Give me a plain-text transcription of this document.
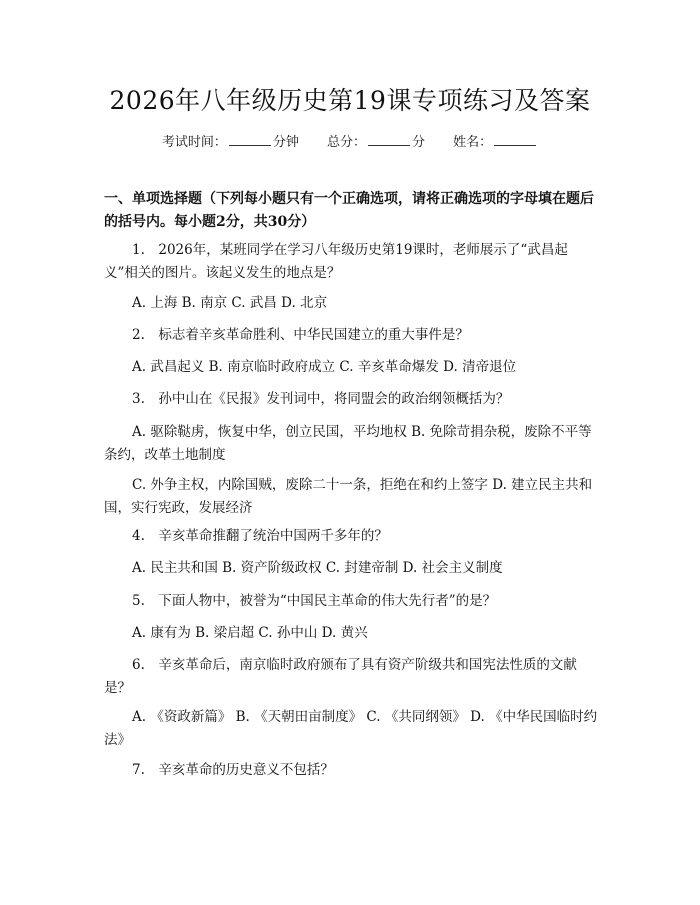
2026年八年级历史第19课专项练习及答案
考试时间：	分钟 总分：	分 姓名：
一、单项选择题（下列每小题只有一个正确选项，请将正确选项的字母填在题后的括号内。每小题2分，共30分）
1.　2026年，某班同学在学习八年级历史第19课时，老师展示了“武昌起义”相关的图片。该起义发生的地点是？
A. 上海 B. 南京 C. 武昌 D. 北京
2.　标志着辛亥革命胜利、中华民国建立的重大事件是？
A. 武昌起义 B. 南京临时政府成立 C. 辛亥革命爆发 D. 清帝退位
3.　孙中山在《民报》发刊词中，将同盟会的政治纲领概括为？
A. 驱除鞑虏，恢复中华，创立民国，平均地权 B. 免除苛捐杂税，废除不平等条约，改革土地制度
C. 外争主权，内除国贼，废除二十一条，拒绝在和约上签字 D. 建立民主共和国，实行宪政，发展经济
4.　辛亥革命推翻了统治中国两千多年的？
A. 民主共和国 B. 资产阶级政权 C. 封建帝制 D. 社会主义制度
5.　下面人物中，被誉为“中国民主革命的伟大先行者”的是？
A. 康有为 B. 梁启超 C. 孙中山 D. 黄兴
6.　辛亥革命后，南京临时政府颁布了具有资产阶级共和国宪法性质的文献是？
A. 《资政新篇》 B. 《天朝田亩制度》 C. 《共同纲领》 D. 《中华民国临时约法》
7.　辛亥革命的历史意义不包括？
